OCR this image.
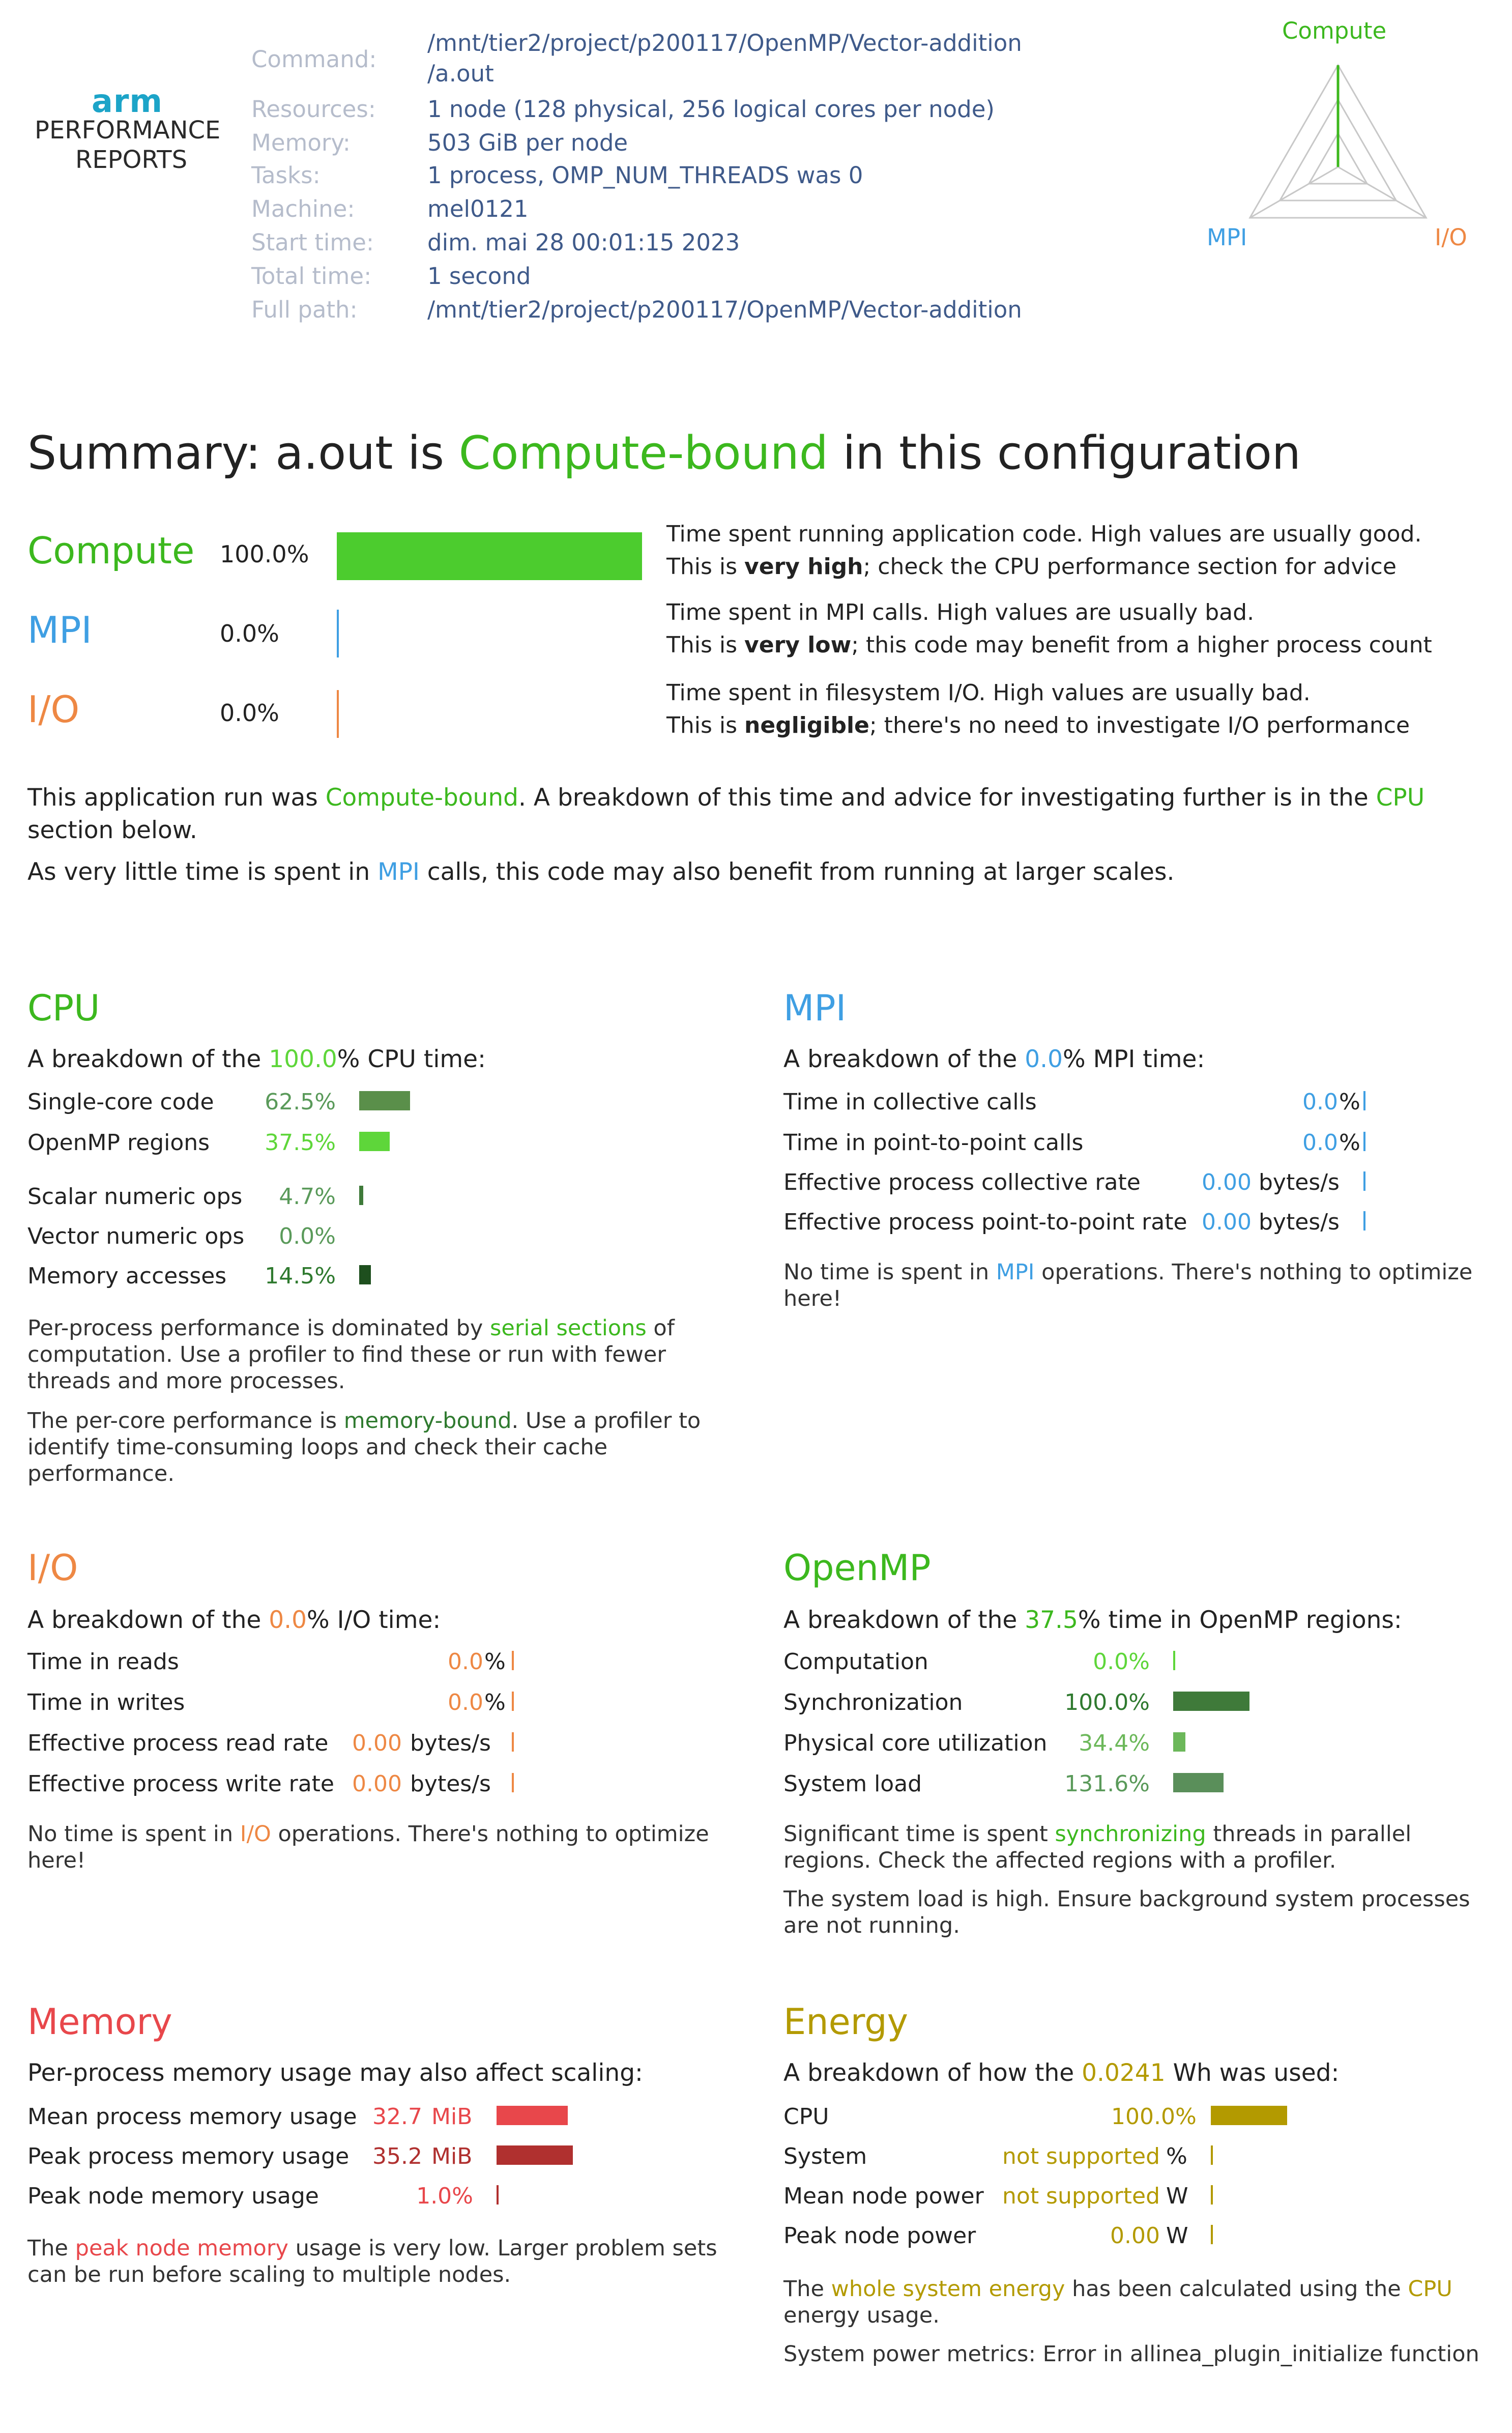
arm
PERFORMANCE
REPORTS
Command:
/mnt/tier2/project/p200117/OpenMP/Vector-addition
/a.out
Resources: 1 node (128 physical, 256 logical cores per node)
Memory:	503 GiB per node
Tasks:	1 process, OMP_NUM_THREADS was 0
Machine:	mel0121
Start time: dim. mai 28 00:01:15 2023
Total time: 1 second
Full path:	/mnt/tier2/project/p200117/OpenMP/Vector-addition
Compute
MPI	I/O
Summary: a.out is Compute-bound in this configuration
Compute 100.0%
Time spent running application code. High values are usually good.
This is very high; check the CPU performance section for advice
MPI	0.0%
Time spent in MPI calls. High values are usually bad.
This is very low; this code may benefit from a higher process count
I/O	0.0%
Time spent in filesystem I/O. High values are usually bad.
This is negligible; there's no need to investigate I/O performance
This application run was Compute-bound. A breakdown of this time and advice for investigating further is in the CPU
section below.
As very little time is spent in MPI calls, this code may also benefit from running at larger scales.
CPU
A breakdown of the 100.0% CPU time:
Single-core code	62.5%
OpenMP regions	37.5%
Scalar numeric ops	4.7%
Vector numeric ops	0.0%
Memory accesses	14.5%
Per-process performance is dominated by serial sections of
computation. Use a profiler to find these or run with fewer
threads and more processes.
The per-core performance is memory-bound. Use a profiler to
identify time-consuming loops and check their cache
performance.
MPI
A breakdown of the 0.0% MPI time:
Time in collective calls	0.0 %
Time in point-to-point calls	0.0 %
Effective process collective rate	0.00 bytes/s
Effective process point-to-point rate 0.00 bytes/s
No time is spent in MPI operations. There's nothing to optimize
here!
I/O
A breakdown of the 0.0% I/O time:
Time in reads	0.0 %
Time in writes	0.0 %
Effective process read rate	0.00 bytes/s
Effective process write rate 0.00 bytes/s
No time is spent in I/O operations. There's nothing to optimize
here!
OpenMP
A breakdown of the 37.5% time in OpenMP regions:
Computation	0.0%
Synchronization	100.0%
Physical core utilization	34.4%
System load	131.6%
Significant time is spent synchronizing threads in parallel
regions. Check the affected regions with a profiler.
The system load is high. Ensure background system processes
are not running.
Memory
Per-process memory usage may also affect scaling:
Mean process memory usage 32.7 MiB
Peak process memory usage	35.2 MiB
Peak node memory usage	1.0%
The peak node memory usage is very low. Larger problem sets
can be run before scaling to multiple nodes.
Energy
A breakdown of how the 0.0241 Wh was used:
CPU	100.0 %
System	not supported %
Mean node power not supported W
Peak node power	0.00 W
The whole system energy has been calculated using the CPU
energy usage.
System power metrics: Error in allinea_plugin_initialize function
